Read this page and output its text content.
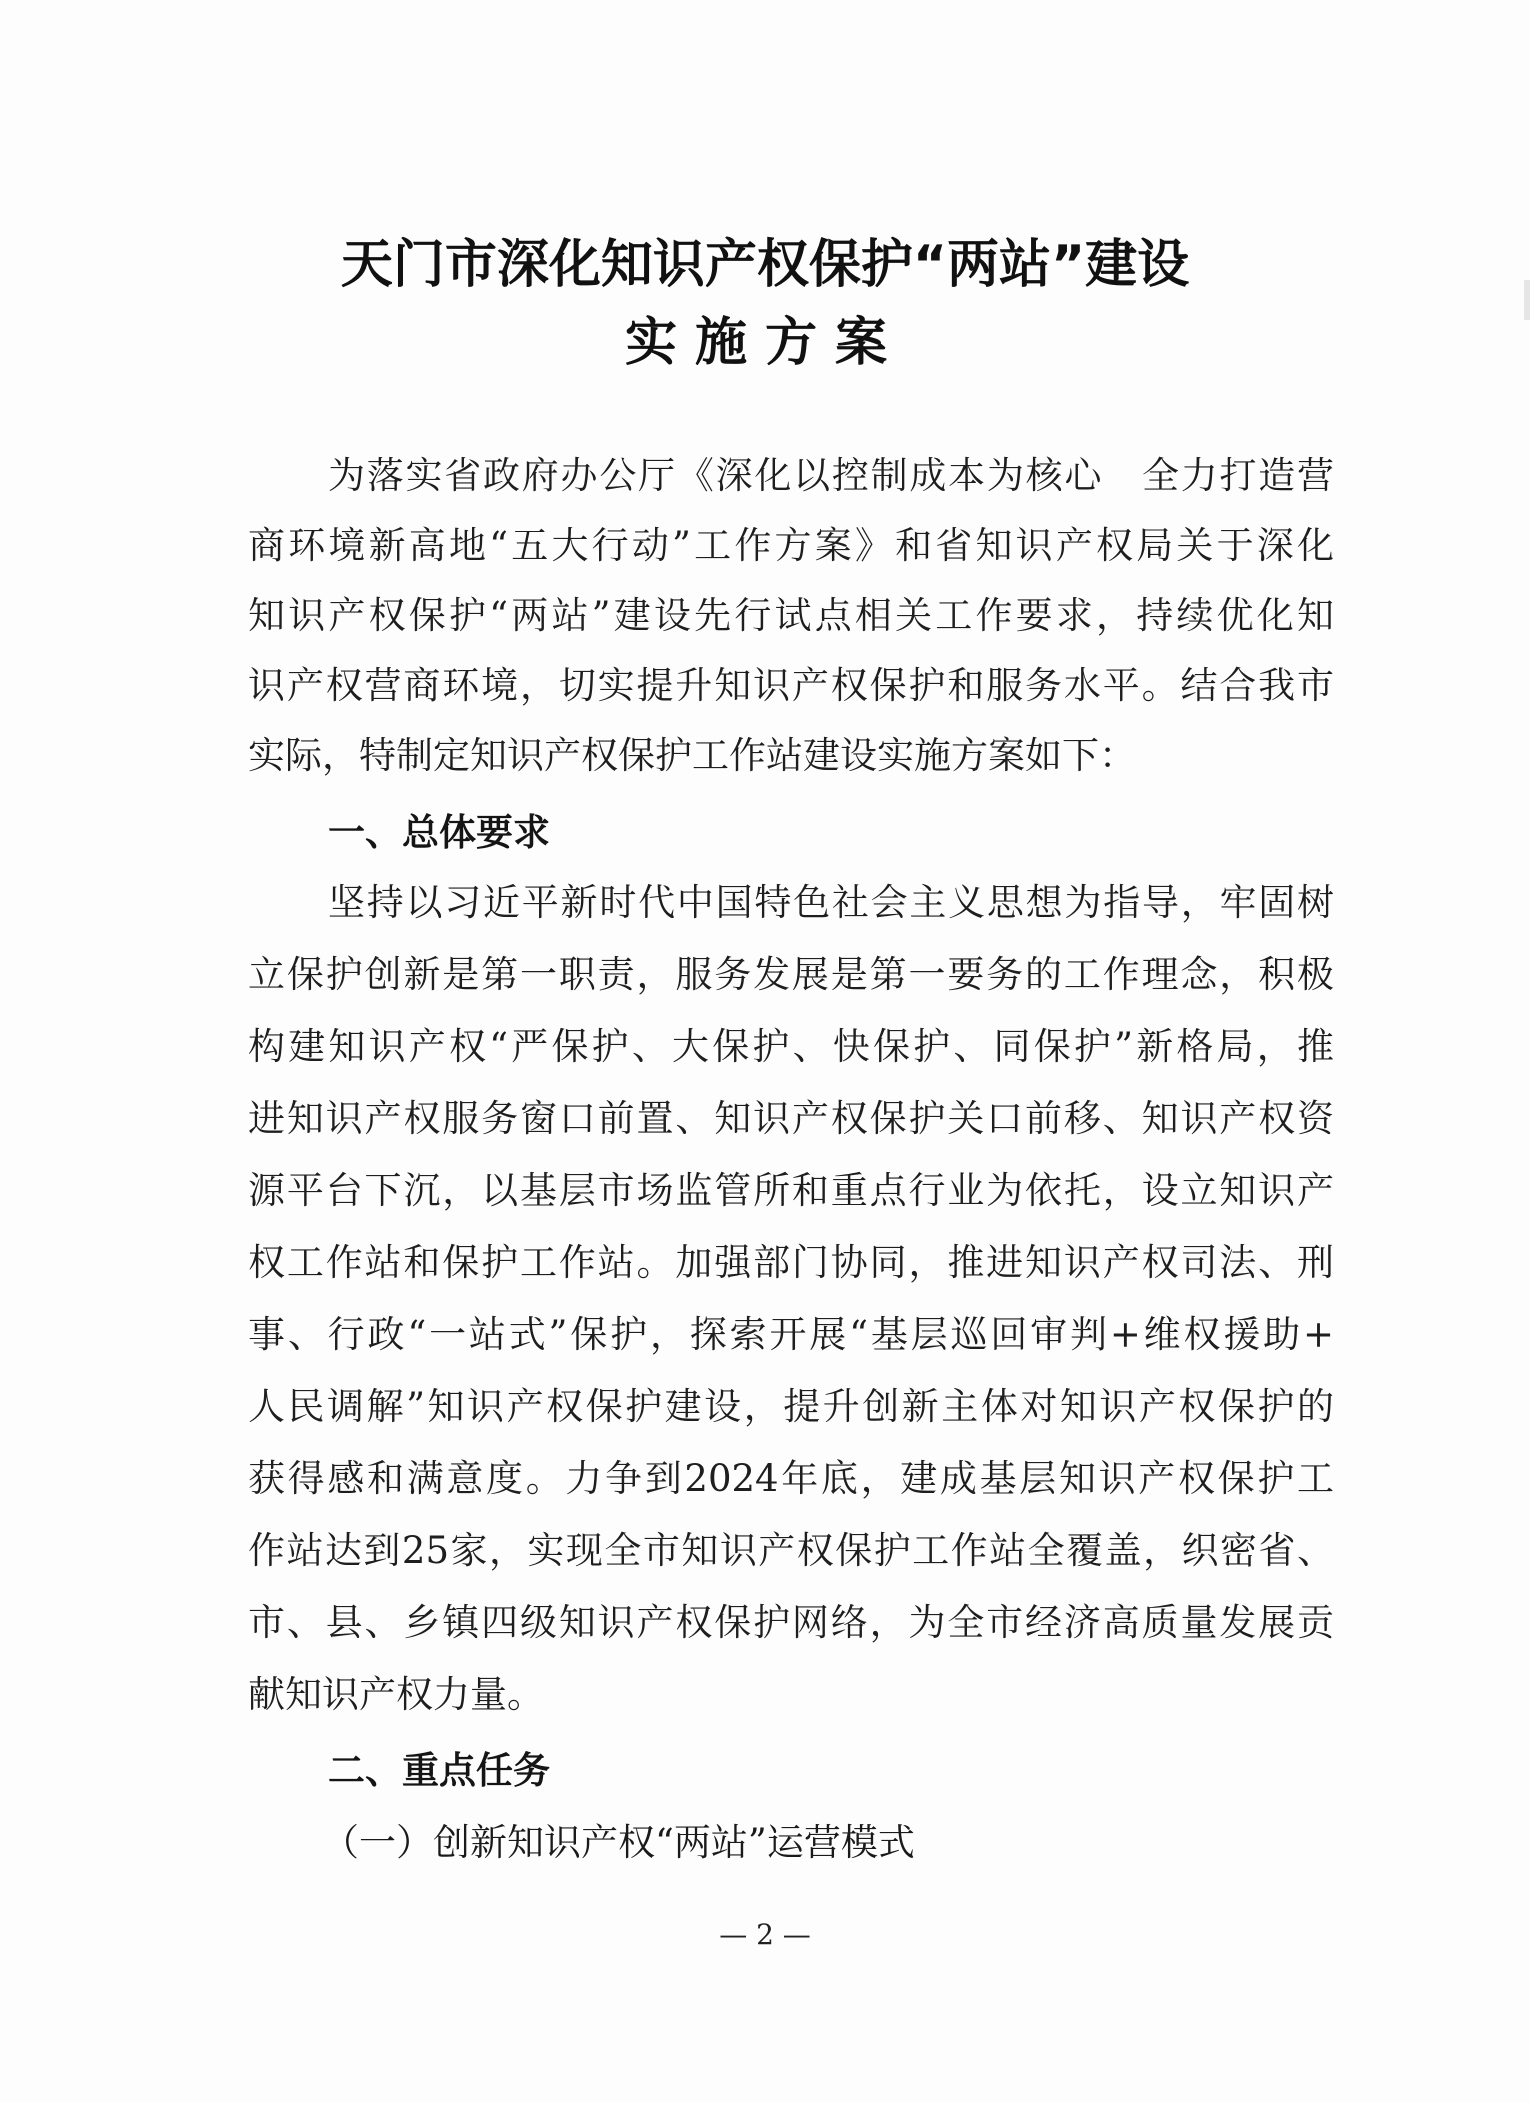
天门市深化知识产权保护“两站”建设
实施方案
为落实省政府办公厅《深化以控制成本为核心　全力打造营
商环境新高地“五大行动”工作方案》和省知识产权局关于深化
知识产权保护“两站”建设先行试点相关工作要求，持续优化知
识产权营商环境，切实提升知识产权保护和服务水平。结合我市
实际，特制定知识产权保护工作站建设实施方案如下：
一、总体要求
坚持以习近平新时代中国特色社会主义思想为指导，牢固树
立保护创新是第一职责，服务发展是第一要务的工作理念，积极
构建知识产权“严保护、大保护、快保护、同保护”新格局，推
进知识产权服务窗口前置、知识产权保护关口前移、知识产权资
源平台下沉，以基层市场监管所和重点行业为依托，设立知识产
权工作站和保护工作站。加强部门协同，推进知识产权司法、刑
事、行政“一站式”保护，探索开展“基层巡回审判+维权援助+
人民调解”知识产权保护建设，提升创新主体对知识产权保护的
获得感和满意度。力争到2024年底，建成基层知识产权保护工
作站达到25家，实现全市知识产权保护工作站全覆盖，织密省、
市、县、乡镇四级知识产权保护网络，为全市经济高质量发展贡
献知识产权力量。
二、重点任务
（一）创新知识产权“两站”运营模式
— 2 —
